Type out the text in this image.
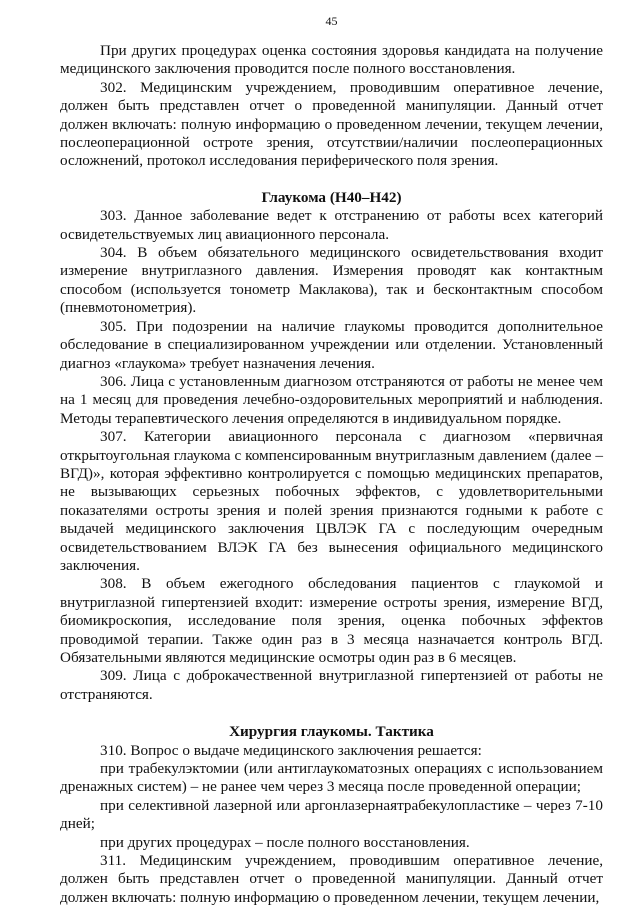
45

При других процедурах оценка состояния здоровья кандидата на получение медицинского заключения проводится после полного восстановления.

302. Медицинским учреждением, проводившим оперативное лечение, должен быть представлен отчет о проведенной манипуляции. Данный отчет должен включать: полную информацию о проведенном лечении, текущем лечении, послеоперационной остроте зрения, отсутствии/наличии послеоперационных осложнений, протокол исследования периферического поля зрения.

Глаукома (Н40–Н42)

303. Данное заболевание ведет к отстранению от работы всех категорий освидетельствуемых лиц авиационного персонала.

304. В объем обязательного медицинского освидетельствования входит измерение внутриглазного давления. Измерения проводят как контактным способом (используется тонометр Маклакова), так и бесконтактным способом (пневмотонометрия).

305. При подозрении на наличие глаукомы проводится дополнительное обследование в специализированном учреждении или отделении. Установленный диагноз «глаукома» требует назначения лечения.

306. Лица с установленным диагнозом отстраняются от работы не менее чем на 1 месяц для проведения лечебно-оздоровительных мероприятий и наблюдения. Методы терапевтического лечения определяются в индивидуальном порядке.

307. Категории авиационного персонала с диагнозом «первичная открытоугольная глаукома с компенсированным внутриглазным давлением (далее – ВГД)», которая эффективно контролируется с помощью медицинских препаратов, не вызывающих серьезных побочных эффектов, с удовлетворительными показателями остроты зрения и полей зрения признаются годными к работе с выдачей медицинского заключения ЦВЛЭК ГА с последующим очередным освидетельствованием ВЛЭК ГА без вынесения официального медицинского заключения.

308. В объем ежегодного обследования пациентов с глаукомой и внутриглазной гипертензией входит: измерение остроты зрения, измерение ВГД, биомикроскопия, исследование поля зрения, оценка побочных эффектов проводимой терапии. Также один раз в 3 месяца назначается контроль ВГД. Обязательными являются медицинские осмотры один раз в 6 месяцев.

309. Лица с доброкачественной внутриглазной гипертензией от работы не отстраняются.

Хирургия глаукомы. Тактика

310. Вопрос о выдаче медицинского заключения решается:

при трабекулэктомии (или антиглаукоматозных операциях с использованием дренажных систем) – не ранее чем через 3 месяца после проведенной операции;

при селективной лазерной или аргонлазернаятрабекулопластике – через 7-10 дней;

при других процедурах – после полного восстановления.

311. Медицинским учреждением, проводившим оперативное лечение, должен быть представлен отчет о проведенной манипуляции. Данный отчет должен включать: полную информацию о проведенном лечении, текущем лечении,
